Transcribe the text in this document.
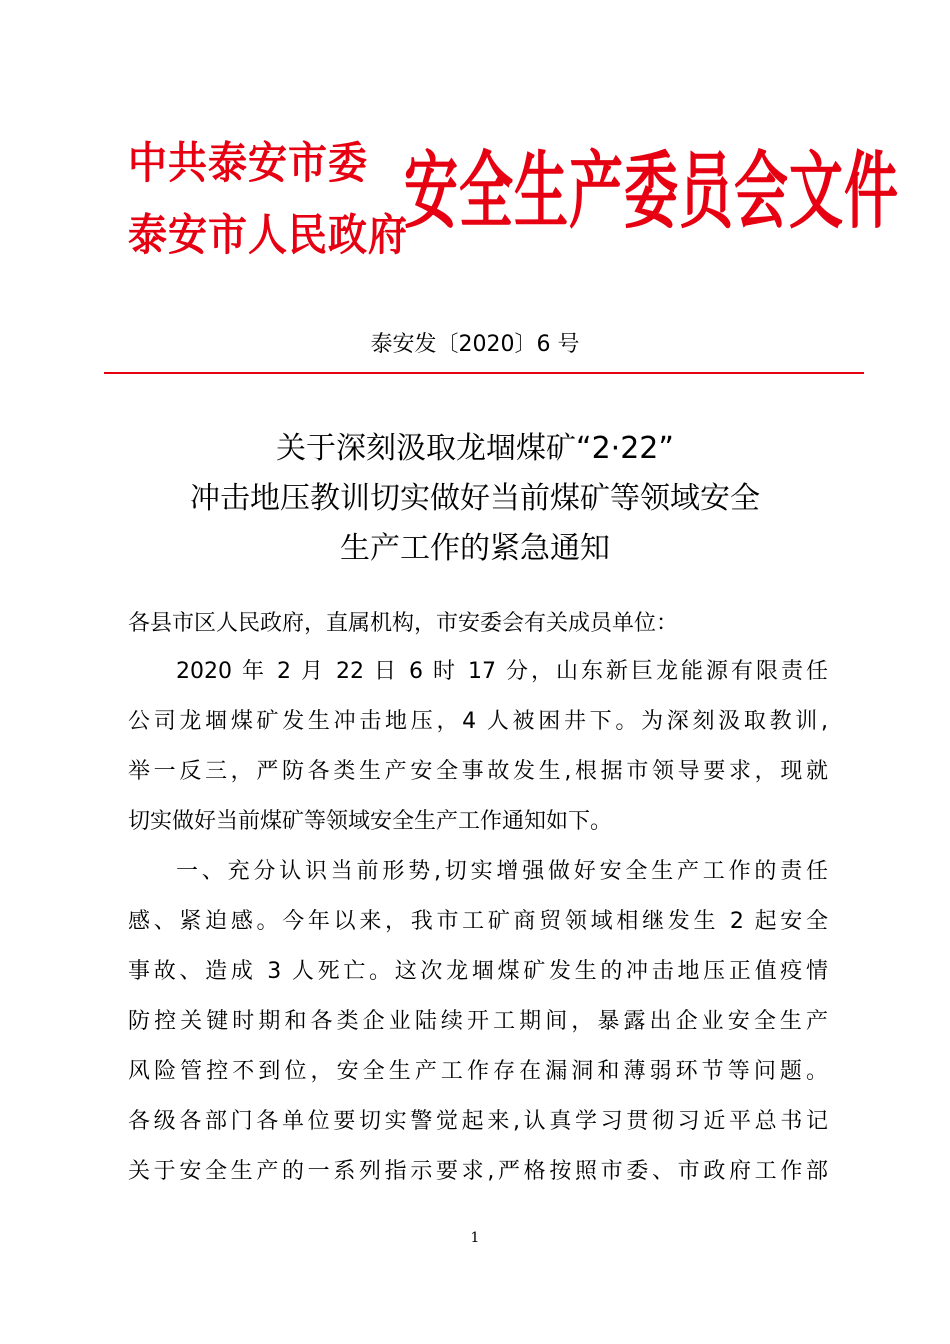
中共泰安市委
泰安市人民政府
安全生产委员会文件
泰安发〔2020〕6 号
关于深刻汲取龙堌煤矿“2·22”
冲击地压教训切实做好当前煤矿等领域安全
生产工作的紧急通知
各县市区人民政府，直属机构，市安委会有关成员单位：
2020 年 2 月 22 日 6 时 17 分，山东新巨龙能源有限责任
公司龙堌煤矿发生冲击地压，4 人被困井下。为深刻汲取教训,
举一反三，严防各类生产安全事故发生,根据市领导要求，现就
切实做好当前煤矿等领域安全生产工作通知如下。
一、充分认识当前形势,切实增强做好安全生产工作的责任
感、紧迫感。今年以来，我市工矿商贸领域相继发生 2 起安全
事故、造成 3 人死亡。这次龙堌煤矿发生的冲击地压正值疫情
防控关键时期和各类企业陆续开工期间，暴露出企业安全生产
风险管控不到位，安全生产工作存在漏洞和薄弱环节等问题。
各级各部门各单位要切实警觉起来,认真学习贯彻习近平总书记
关于安全生产的一系列指示要求,严格按照市委、市政府工作部
1
